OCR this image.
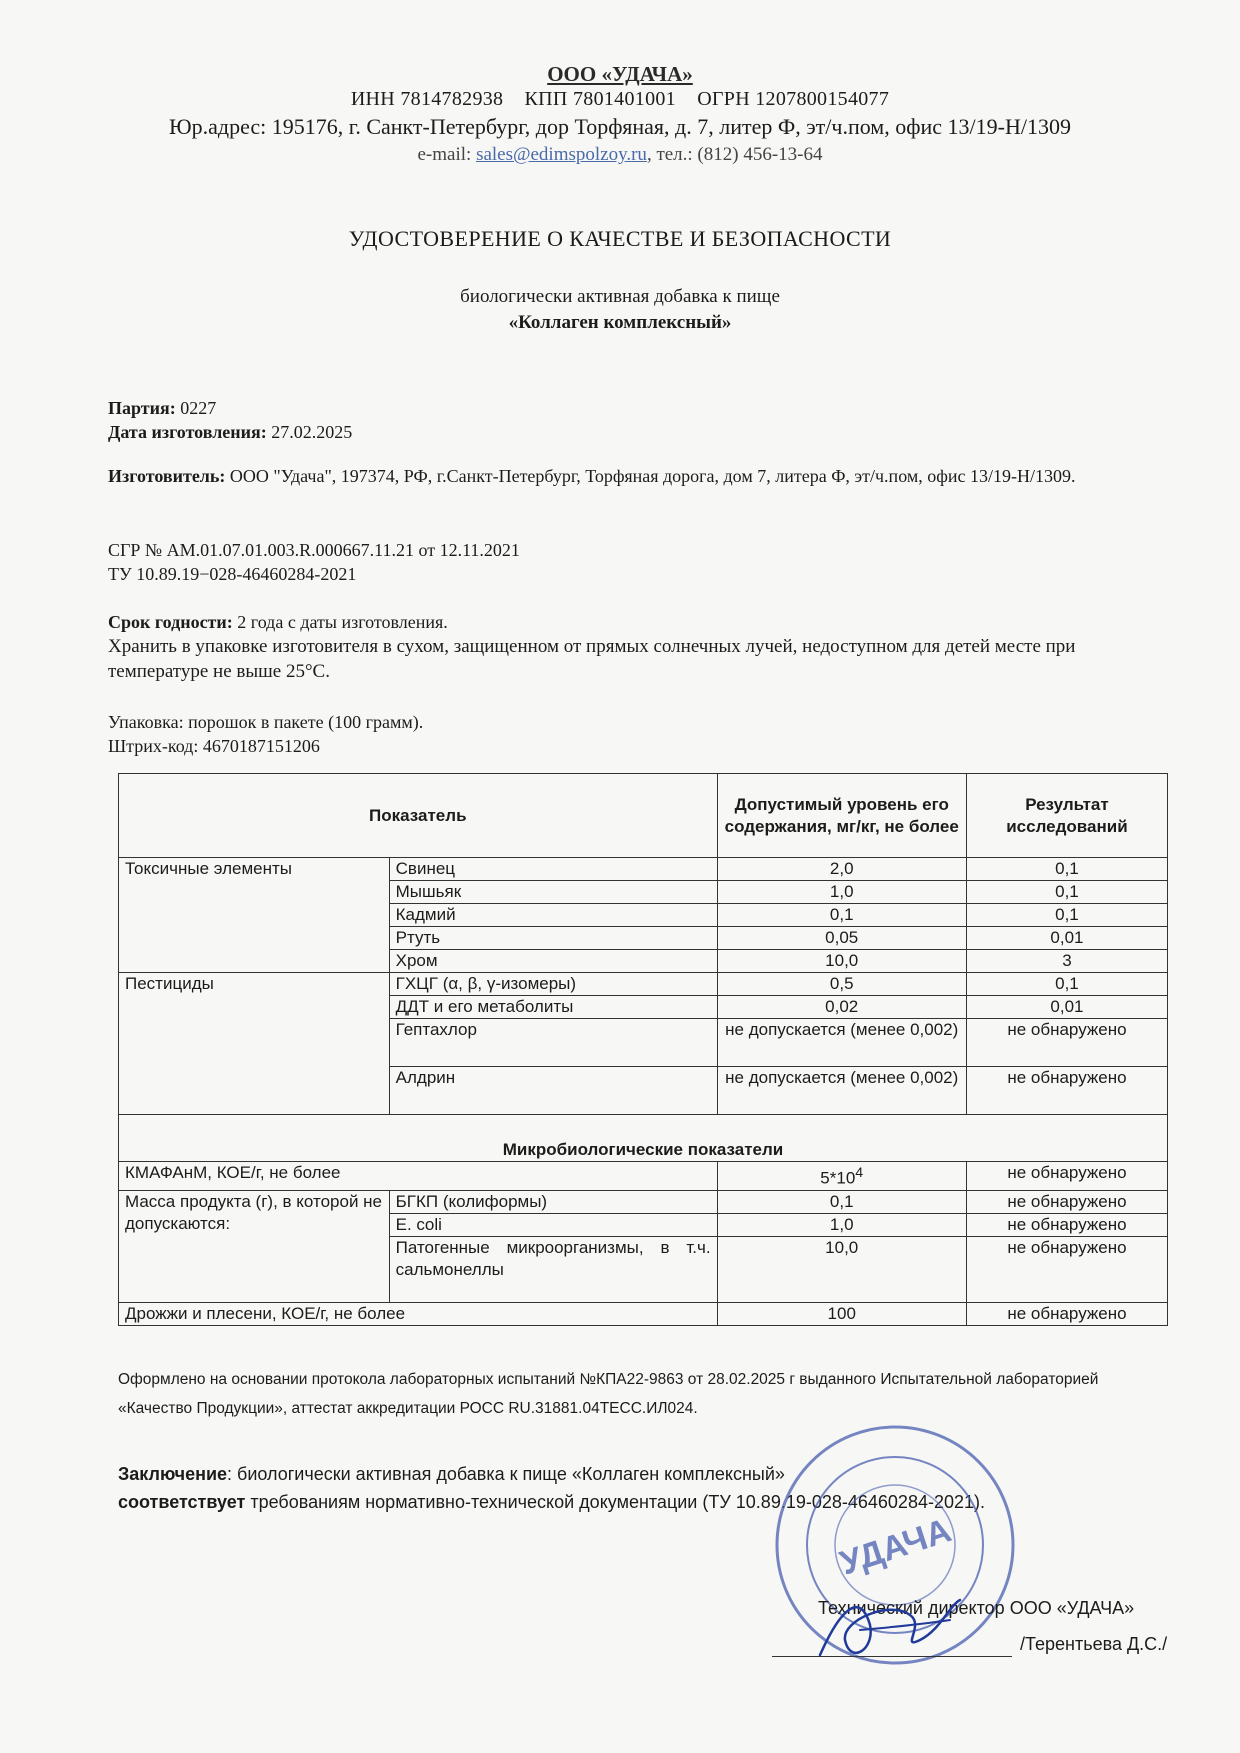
ООО «УДАЧА»
ИНН 7814782938 КПП 7801401001 ОГРН 1207800154077
Юр.адрес: 195176, г. Санкт-Петербург, дор Торфяная, д. 7, литер Ф, эт/ч.пом, офис 13/19-Н/1309
e-mail: sales@edimspolzoy.ru, тел.: (812) 456-13-64
УДОСТОВЕРЕНИЕ О КАЧЕСТВЕ И БЕЗОПАСНОСТИ
биологически активная добавка к пище
«Коллаген комплексный»
Партия: 0227
Дата изготовления: 27.02.2025
Изготовитель: ООО "Удача", 197374, РФ, г.Санкт-Петербург, Торфяная дорога, дом 7, литера Ф, эт/ч.пом, офис 13/19-Н/1309.
СГР № AM.01.07.01.003.R.000667.11.21 от 12.11.2021
ТУ 10.89.19−028-46460284-2021
Срок годности: 2 года с даты изготовления.
Хранить в упаковке изготовителя в сухом, защищенном от прямых солнечных лучей, недоступном для детей месте при температуре не выше 25°С.
Упаковка: порошок в пакете (100 грамм).
Штрих-код: 4670187151206
Показатель		Допустимый уровень его содержания, мг/кг, не более	Результат исследований
Токсичные элементы	Свинец	2,0	0,1
	Мышьяк	1,0	0,1
	Кадмий	0,1	0,1
	Ртуть	0,05	0,01
	Хром	10,0	3
Пестициды	ГХЦГ (α, β, γ-изомеры)	0,5	0,1
	ДДТ и его метаболиты	0,02	0,01
	Гептахлор	не допускается (менее 0,002)	не обнаружено
	Алдрин	не допускается (менее 0,002)	не обнаружено
Микробиологические показатели			
КМАФАнМ, КОЕ/г, не более		$5*10^4$	не обнаружено
Масса продукта (г), в которой не допускаются:	БГКП (колиформы)	0,1	не обнаружено
	E. coli	1,0	не обнаружено
	Патогенные микроорганизмы, в т.ч. сальмонеллы	10,0	не обнаружено
Дрожжи и плесени, КОЕ/г, не более		100	не обнаружено
Оформлено на основании протокола лабораторных испытаний №КПА22-9863 от 28.02.2025 г выданного Испытательной лабораторией «Качество Продукции», аттестат аккредитации РОСС RU.31881.04ТЕСС.ИЛ024.
Заключение: биологически активная добавка к пище «Коллаген комплексный»
соответствует требованиям нормативно-технической документации (ТУ 10.89.19-028-46460284-2021).
УДАЧА
Технический директор ООО «УДАЧА»
/Терентьева Д.С./
